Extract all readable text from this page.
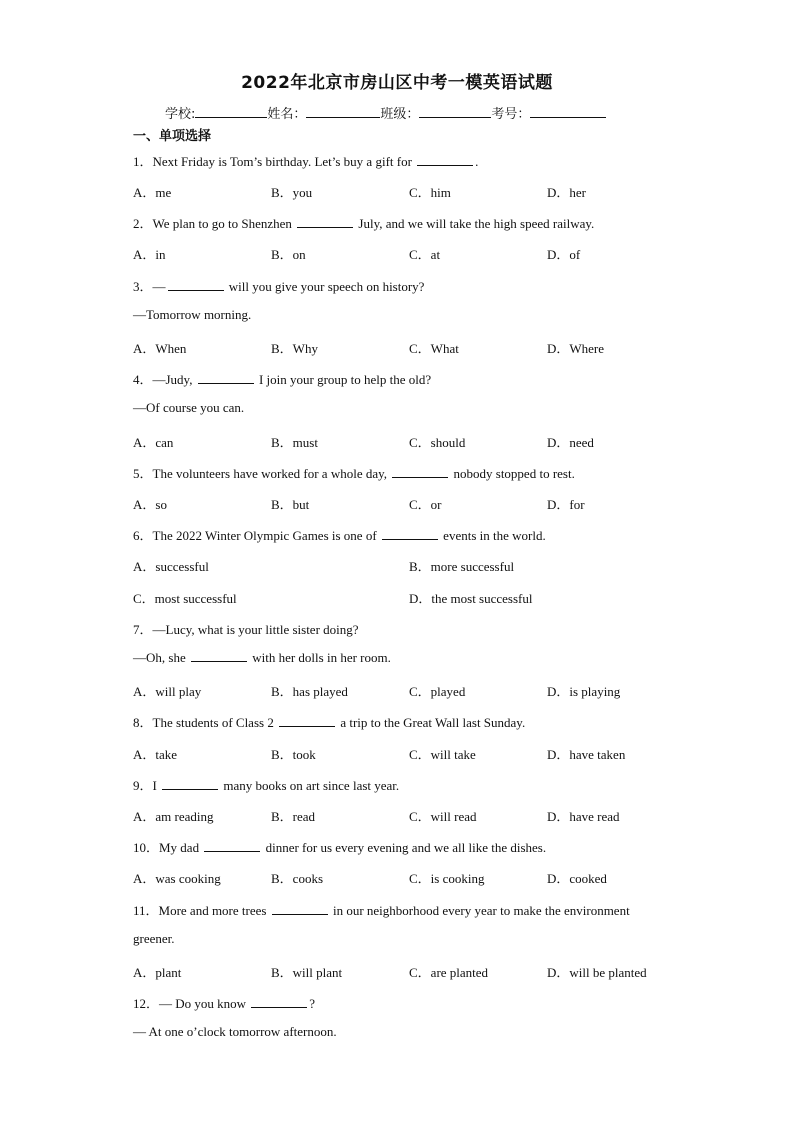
2022年北京市房山区中考一模英语试题
学校:	姓名：	班级：	考号：
一、单项选择
1．Next Friday is Tom’s birthday. Let’s buy a gift for	.
A．me	B．you	C．him	D．her
2．We plan to go to Shenzhen	July, and we will take the high speed railway.
A．in	B．on	C．at	D．of
3．—	will you give your speech on history?
—Tomorrow morning.
A．When	B．Why	C．What	D．Where
4．—Judy,	I join your group to help the old?
—Of course you can.
A．can	B．must	C．should	D．need
5．The volunteers have worked for a whole day,	nobody stopped to rest.
A．so	B．but	C．or	D．for
6．The 2022 Winter Olympic Games is one of	events in the world.
A．successful	B．more successful
C．most successful	D．the most successful
7．—Lucy, what is your little sister doing?
—Oh, she	with her dolls in her room.
A．will play	B．has played	C．played	D．is playing
8．The students of Class 2	a trip to the Great Wall last Sunday.
A．take	B．took	C．will take	D．have taken
9．I	many books on art since last year.
A．am reading	B．read	C．will read	D．have read
10．My dad	dinner for us every evening and we all like the dishes.
A．was cooking	B．cooks	C．is cooking	D．cooked
11．More and more trees	in our neighborhood every year to make the environment
greener.
A．plant	B．will plant	C．are planted	D．will be planted
12．— Do you know	?
— At one o’clock tomorrow afternoon.
